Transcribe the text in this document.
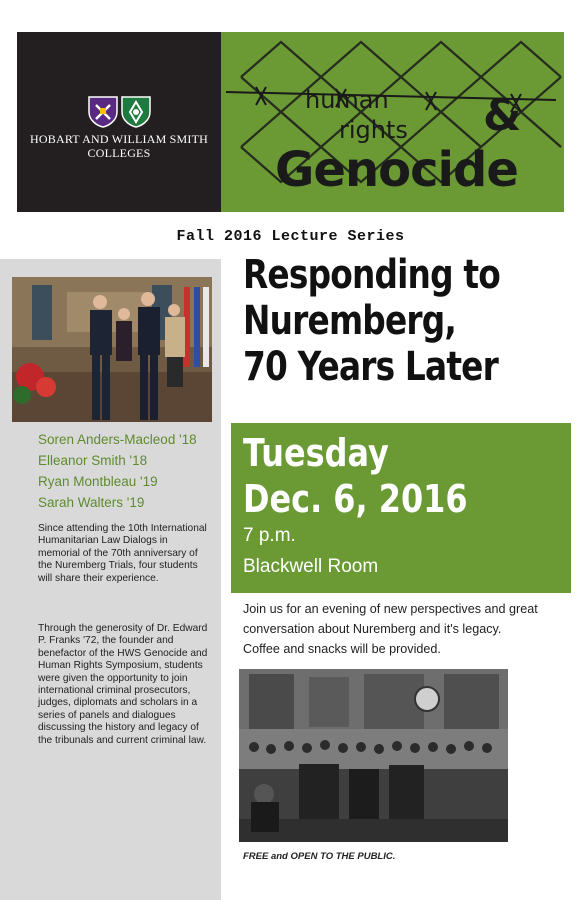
HOBART AND WILLIAM SMITH
COLLEGES
human
rights &
Genocide
Fall 2016 Lecture Series
Soren Anders-Macleod '18
Elleanor Smith '18
Ryan Montbleau '19
Sarah Walters '19
Since attending the 10th International Humanitarian Law Dialogs in memorial of the 70th anniversary of the Nuremberg Trials, four students will share their experience.
Through the generosity of Dr. Edward P. Franks '72, the founder and benefactor of the HWS Genocide and Human Rights Symposium, students were given the opportunity to join international criminal prosecutors, judges, diplomats and scholars in a series of panels and dialogues discussing the history and legacy of the tribunals and current criminal law.
Responding to
Nuremberg,
70 Years Later
Tuesday
Dec. 6, 2016
7 p.m.
Blackwell Room
Join us for an evening of new perspectives and great
conversation about Nuremberg and it's legacy.
Coffee and snacks will be provided.
FREE and OPEN TO THE PUBLIC.
